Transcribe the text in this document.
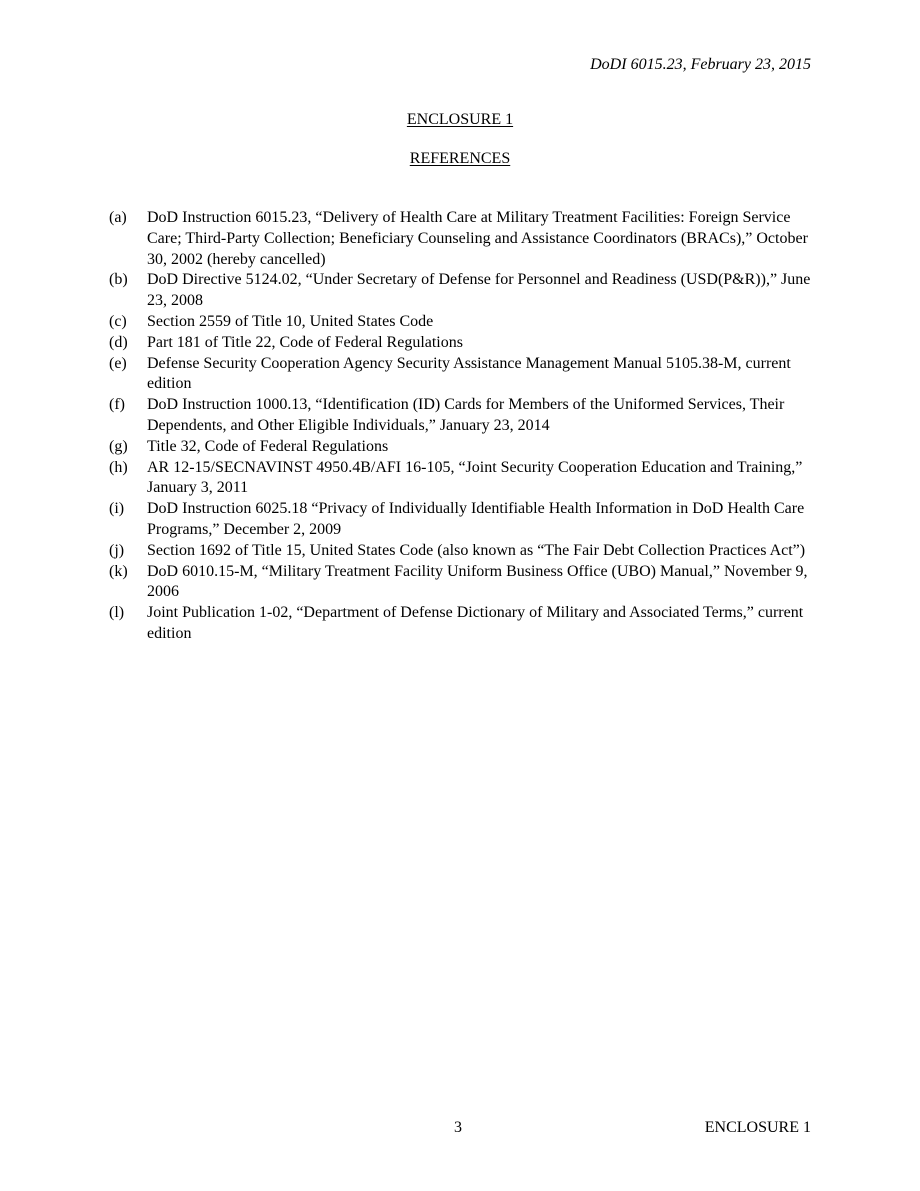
DoDI 6015.23, February 23, 2015
ENCLOSURE 1
REFERENCES
(a)	DoD Instruction 6015.23, “Delivery of Health Care at Military Treatment Facilities: Foreign Service Care; Third-Party Collection; Beneficiary Counseling and Assistance Coordinators (BRACs),” October 30, 2002 (hereby cancelled)
(b)	DoD Directive 5124.02, “Under Secretary of Defense for Personnel and Readiness (USD(P&R)),” June 23, 2008
(c)	Section 2559 of Title 10, United States Code
(d)	Part 181 of Title 22, Code of Federal Regulations
(e)	Defense Security Cooperation Agency Security Assistance Management Manual 5105.38-M, current edition
(f)	DoD Instruction 1000.13, “Identification (ID) Cards for Members of the Uniformed Services, Their Dependents, and Other Eligible Individuals,” January 23, 2014
(g)	Title 32, Code of Federal Regulations
(h)	AR 12-15/SECNAVINST 4950.4B/AFI 16-105, “Joint Security Cooperation Education and Training,” January 3, 2011
(i)	DoD Instruction 6025.18 “Privacy of Individually Identifiable Health Information in DoD Health Care Programs,” December 2, 2009
(j)	Section 1692 of Title 15, United States Code (also known as “The Fair Debt Collection Practices Act”)
(k)	DoD 6010.15-M, “Military Treatment Facility Uniform Business Office (UBO) Manual,” November 9, 2006
(l)	Joint Publication 1-02, “Department of Defense Dictionary of Military and Associated Terms,” current edition
3	ENCLOSURE 1
